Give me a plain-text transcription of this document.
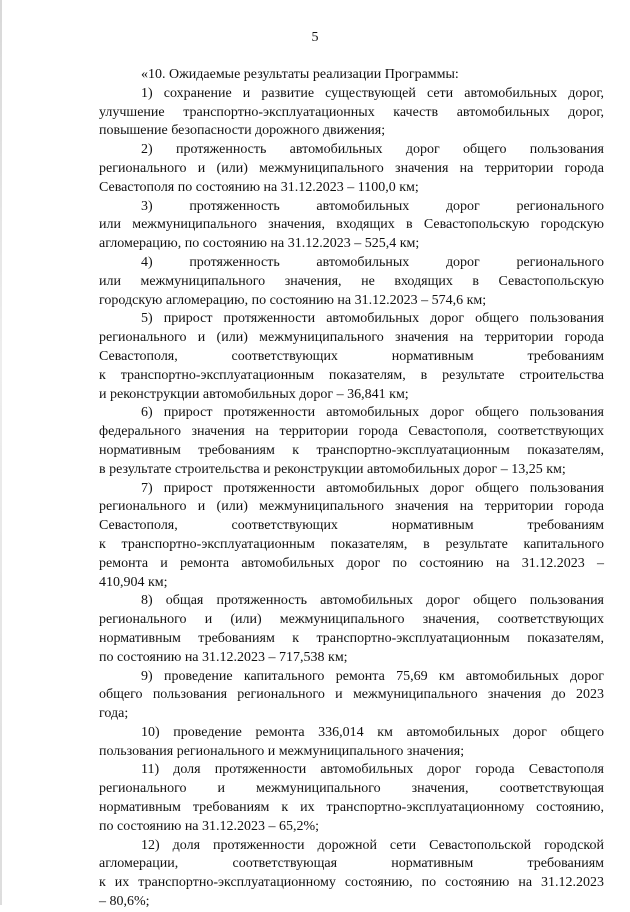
5
«10. Ожидаемые результаты реализации Программы:
1) сохранение и развитие существующей сети автомобильных дорог,
улучшение транспортно-эксплуатационных качеств автомобильных дорог,
повышение безопасности дорожного движения;
2) протяженность автомобильных дорог общего пользования
регионального и (или) межмуниципального значения на территории города
Севастополя по состоянию на 31.12.2023 – 1100,0 км;
3) протяженность автомобильных дорог регионального
или межмуниципального значения, входящих в Севастопольскую городскую
агломерацию, по состоянию на 31.12.2023 – 525,4 км;
4) протяженность автомобильных дорог регионального
или межмуниципального значения, не входящих в Севастопольскую
городскую агломерацию, по состоянию на 31.12.2023 – 574,6 км;
5) прирост протяженности автомобильных дорог общего пользования
регионального и (или) межмуниципального значения на территории города
Севастополя, соответствующих нормативным требованиям
к транспортно-эксплуатационным показателям, в результате строительства
и реконструкции автомобильных дорог – 36,841 км;
6) прирост протяженности автомобильных дорог общего пользования
федерального значения на территории города Севастополя, соответствующих
нормативным требованиям к транспортно-эксплуатационным показателям,
в результате строительства и реконструкции автомобильных дорог – 13,25 км;
7) прирост протяженности автомобильных дорог общего пользования
регионального и (или) межмуниципального значения на территории города
Севастополя, соответствующих нормативным требованиям
к транспортно-эксплуатационным показателям, в результате капитального
ремонта и ремонта автомобильных дорог по состоянию на 31.12.2023 –
410,904 км;
8) общая протяженность автомобильных дорог общего пользования
регионального и (или) межмуниципального значения, соответствующих
нормативным требованиям к транспортно-эксплуатационным показателям,
по состоянию на 31.12.2023 – 717,538 км;
9) проведение капитального ремонта 75,69 км автомобильных дорог
общего пользования регионального и межмуниципального значения до 2023
года;
10) проведение ремонта 336,014 км автомобильных дорог общего
пользования регионального и межмуниципального значения;
11) доля протяженности автомобильных дорог города Севастополя
регионального и межмуниципального значения, соответствующая
нормативным требованиям к их транспортно-эксплуатационному состоянию,
по состоянию на 31.12.2023 – 65,2%;
12) доля протяженности дорожной сети Севастопольской городской
агломерации, соответствующая нормативным требованиям
к их транспортно-эксплуатационному состоянию, по состоянию на 31.12.2023
– 80,6%;
